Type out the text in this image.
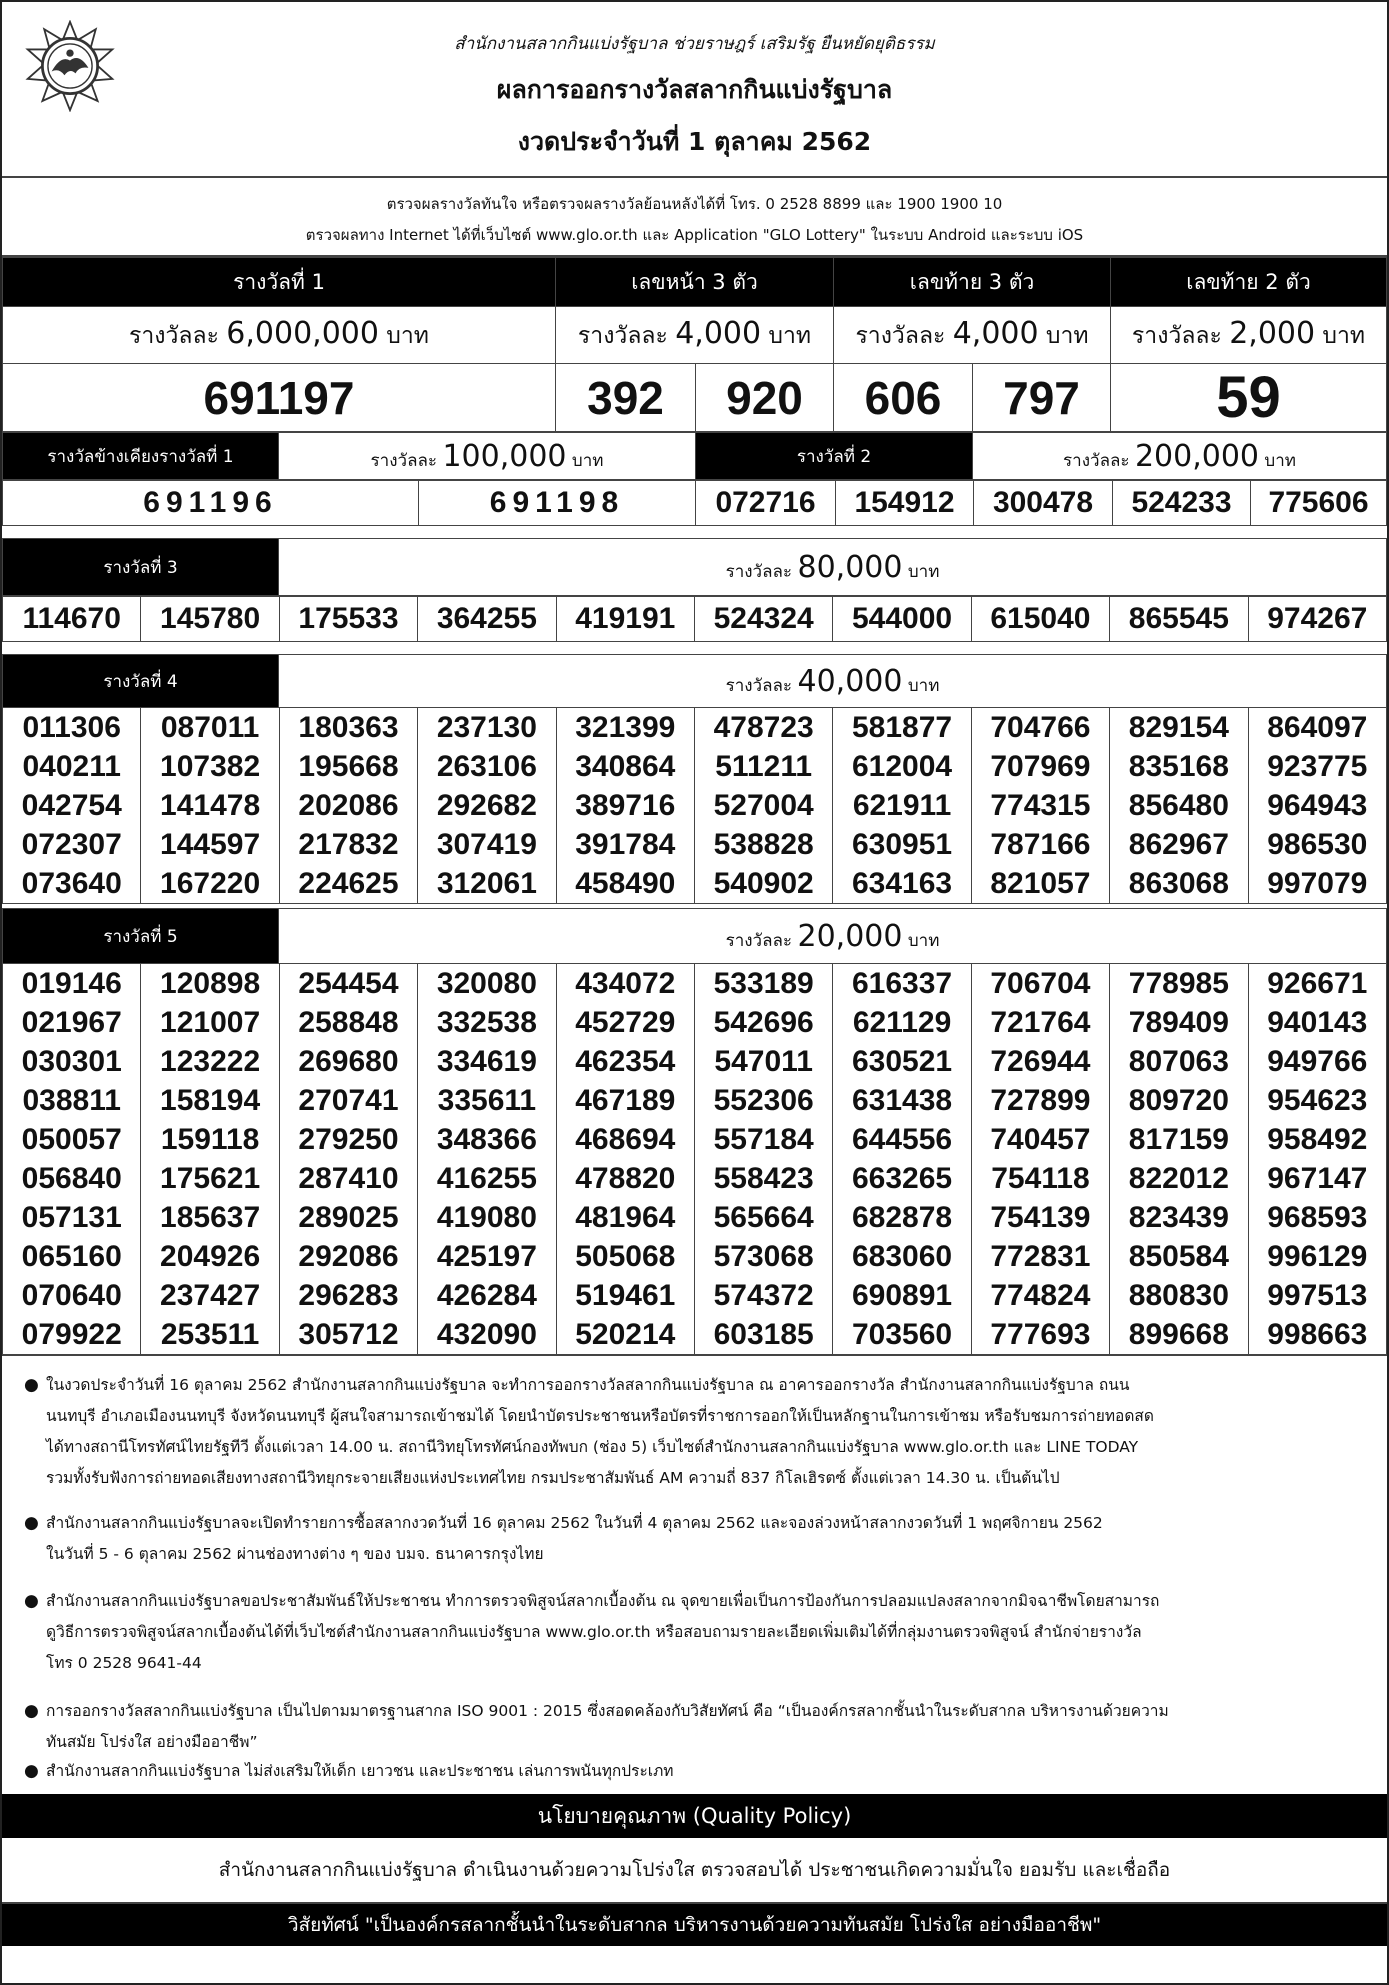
สำนักงานสลากกินแบ่งรัฐบาล ช่วยราษฎร์ เสริมรัฐ ยืนหยัดยุติธรรม
ผลการออกรางวัลสลากกินแบ่งรัฐบาล
งวดประจำวันที่ 1 ตุลาคม 2562
ตรวจผลรางวัลทันใจ หรือตรวจผลรางวัลย้อนหลังได้ที่ โทร. 0 2528 8899 และ 1900 1900 10
ตรวจผลทาง Internet ได้ที่เว็บไซต์ www.glo.or.th และ Application "GLO Lottery" ในระบบ Android และระบบ iOS
รางวัลที่ 1	เลขหน้า 3 ตัว		เลขท้าย 3 ตัว		เลขท้าย 2 ตัว
รางวัลละ 6,000,000 บาท	รางวัลละ 4,000 บาท		รางวัลละ 4,000 บาท		รางวัลละ 2,000 บาท
691197	392	920	606	797	59
รางวัลข้างเคียงรางวัลที่ 1	รางวัลละ 100,000 บาท	รางวัลที่ 2	รางวัลละ 200,000 บาท
691196	691198	072716	154912	300478	524233	775606
รางวัลที่ 3	รางวัลละ 80,000 บาท
114670	145780	175533	364255	419191	524324	544000	615040	865545	974267
รางวัลที่ 4	รางวัลละ 40,000 บาท
011306	087011	180363	237130	321399	478723	581877	704766	829154	864097
040211	107382	195668	263106	340864	511211	612004	707969	835168	923775
042754	141478	202086	292682	389716	527004	621911	774315	856480	964943
072307	144597	217832	307419	391784	538828	630951	787166	862967	986530
073640	167220	224625	312061	458490	540902	634163	821057	863068	997079
รางวัลที่ 5	รางวัลละ 20,000 บาท
019146	120898	254454	320080	434072	533189	616337	706704	778985	926671
021967	121007	258848	332538	452729	542696	621129	721764	789409	940143
030301	123222	269680	334619	462354	547011	630521	726944	807063	949766
038811	158194	270741	335611	467189	552306	631438	727899	809720	954623
050057	159118	279250	348366	468694	557184	644556	740457	817159	958492
056840	175621	287410	416255	478820	558423	663265	754118	822012	967147
057131	185637	289025	419080	481964	565664	682878	754139	823439	968593
065160	204926	292086	425197	505068	573068	683060	772831	850584	996129
070640	237427	296283	426284	519461	574372	690891	774824	880830	997513
079922	253511	305712	432090	520214	603185	703560	777693	899668	998663
● ในงวดประจำวันที่ 16 ตุลาคม 2562 สำนักงานสลากกินแบ่งรัฐบาล จะทำการออกรางวัลสลากกินแบ่งรัฐบาล ณ อาคารออกรางวัล สำนักงานสลากกินแบ่งรัฐบาล ถนน
นนทบุรี อำเภอเมืองนนทบุรี จังหวัดนนทบุรี ผู้สนใจสามารถเข้าชมได้ โดยนำบัตรประชาชนหรือบัตรที่ราชการออกให้เป็นหลักฐานในการเข้าชม หรือรับชมการถ่ายทอดสด
ได้ทางสถานีโทรทัศน์ไทยรัฐทีวี ตั้งแต่เวลา 14.00 น. สถานีวิทยุโทรทัศน์กองทัพบก (ช่อง 5) เว็บไซต์สำนักงานสลากกินแบ่งรัฐบาล www.glo.or.th และ LINE TODAY
รวมทั้งรับฟังการถ่ายทอดเสียงทางสถานีวิทยุกระจายเสียงแห่งประเทศไทย กรมประชาสัมพันธ์ AM ความถี่ 837 กิโลเฮิรตซ์ ตั้งแต่เวลา 14.30 น. เป็นต้นไป
● สำนักงานสลากกินแบ่งรัฐบาลจะเปิดทำรายการซื้อสลากงวดวันที่ 16 ตุลาคม 2562 ในวันที่ 4 ตุลาคม 2562 และจองล่วงหน้าสลากงวดวันที่ 1 พฤศจิกายน 2562
ในวันที่ 5 - 6 ตุลาคม 2562 ผ่านช่องทางต่าง ๆ ของ บมจ. ธนาคารกรุงไทย
● สำนักงานสลากกินแบ่งรัฐบาลขอประชาสัมพันธ์ให้ประชาชน ทำการตรวจพิสูจน์สลากเบื้องต้น ณ จุดขายเพื่อเป็นการป้องกันการปลอมแปลงสลากจากมิจฉาชีพโดยสามารถ
ดูวิธีการตรวจพิสูจน์สลากเบื้องต้นได้ที่เว็บไซต์สำนักงานสลากกินแบ่งรัฐบาล www.glo.or.th หรือสอบถามรายละเอียดเพิ่มเติมได้ที่กลุ่มงานตรวจพิสูจน์ สำนักจ่ายรางวัล
โทร 0 2528 9641-44
● การออกรางวัลสลากกินแบ่งรัฐบาล เป็นไปตามมาตรฐานสากล ISO 9001 : 2015 ซึ่งสอดคล้องกับวิสัยทัศน์ คือ “เป็นองค์กรสลากชั้นนำในระดับสากล บริหารงานด้วยความ
ทันสมัย โปร่งใส อย่างมืออาชีพ”
● สำนักงานสลากกินแบ่งรัฐบาล ไม่ส่งเสริมให้เด็ก เยาวชน และประชาชน เล่นการพนันทุกประเภท
นโยบายคุณภาพ (Quality Policy)
สำนักงานสลากกินแบ่งรัฐบาล ดำเนินงานด้วยความโปร่งใส ตรวจสอบได้ ประชาชนเกิดความมั่นใจ ยอมรับ และเชื่อถือ
วิสัยทัศน์ "เป็นองค์กรสลากชั้นนำในระดับสากล บริหารงานด้วยความทันสมัย โปร่งใส อย่างมืออาชีพ"
